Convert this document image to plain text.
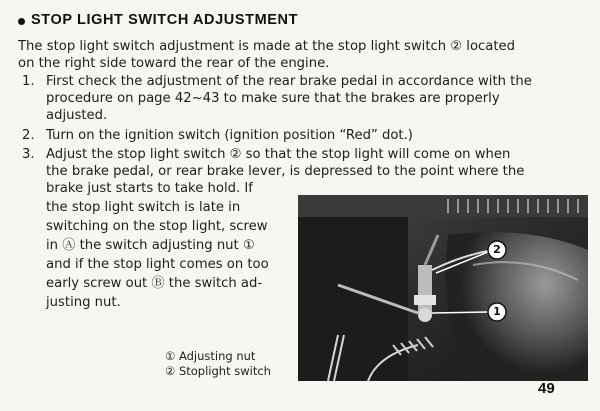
STOP LIGHT SWITCH ADJUSTMENT
The stop light switch adjustment is made at the stop light switch ② located
on the right side toward the rear of the engine.
1. First check the adjustment of the rear brake pedal in accordance with the
procedure on page 42~43 to make sure that the brakes are properly
adjusted.
2. Turn on the ignition switch (ignition position “Red” dot.)
3. Adjust the stop light switch ② so that the stop light will come on when
the brake pedal, or rear brake lever, is depressed to the point where the
brake just starts to take hold. If
the stop light switch is late in
switching on the stop light, screw
in Ⓐ the switch adjusting nut ①
and if the stop light comes on too
early screw out Ⓑ the switch ad-
justing nut.
2
1
① Adjusting nut
② Stoplight switch
49
